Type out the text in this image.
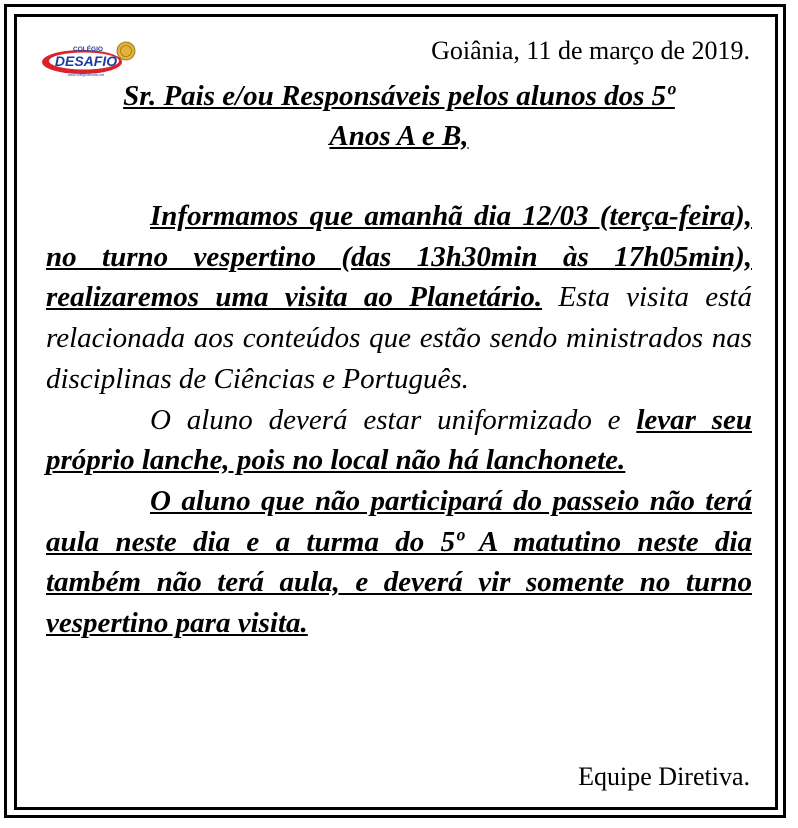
COLÉGIO
DESAFIO
www.colegiodesafio.net
Goiânia, 11 de março de 2019.
Sr. Pais e/ou Responsáveis pelos alunos dos 5º
Anos A e B,

Informamos que amanhã dia 12/03 (terça-feira), no turno vespertino (das 13h30min às 17h05min), realizaremos uma visita ao Planetário. Esta visita está relacionada aos conteúdos que estão sendo ministrados nas disciplinas de Ciências e Português.

O aluno deverá estar uniformizado e levar seu próprio lanche, pois no local não há lanchonete.

O aluno que não participará do passeio não terá aula neste dia e a turma do 5º A matutino neste dia também não terá aula, e deverá vir somente no turno vespertino para visita.

Equipe Diretiva.
